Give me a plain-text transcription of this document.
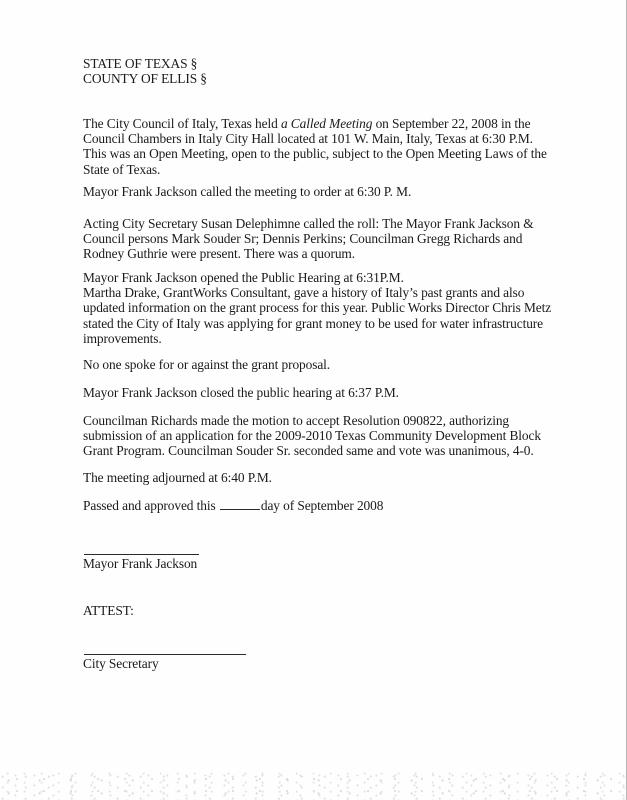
STATE OF TEXAS §
COUNTY OF ELLIS §
The City Council of Italy, Texas held a Called Meeting on September 22, 2008 in the
Council Chambers in Italy City Hall located at 101 W. Main, Italy, Texas at 6:30 P.M.
This was an Open Meeting, open to the public, subject to the Open Meeting Laws of the
State of Texas.
Mayor Frank Jackson called the meeting to order at 6:30 P. M.
Acting City Secretary Susan Delephimne called the roll: The Mayor Frank Jackson &
Council persons Mark Souder Sr; Dennis Perkins; Councilman Gregg Richards and
Rodney Guthrie were present. There was a quorum.
Mayor Frank Jackson opened the Public Hearing at 6:31P.M.
Martha Drake, GrantWorks Consultant, gave a history of Italy’s past grants and also
updated information on the grant process for this year. Public Works Director Chris Metz
stated the City of Italy was applying for grant money to be used for water infrastructure
improvements.
No one spoke for or against the grant proposal.
Mayor Frank Jackson closed the public hearing at 6:37 P.M.
Councilman Richards made the motion to accept Resolution 090822, authorizing
submission of an application for the 2009-2010 Texas Community Development Block
Grant Program. Councilman Souder Sr. seconded same and vote was unanimous, 4-0.
The meeting adjourned at 6:40 P.M.
Passed and approved this	day of September 2008
Mayor Frank Jackson
ATTEST:
City Secretary
